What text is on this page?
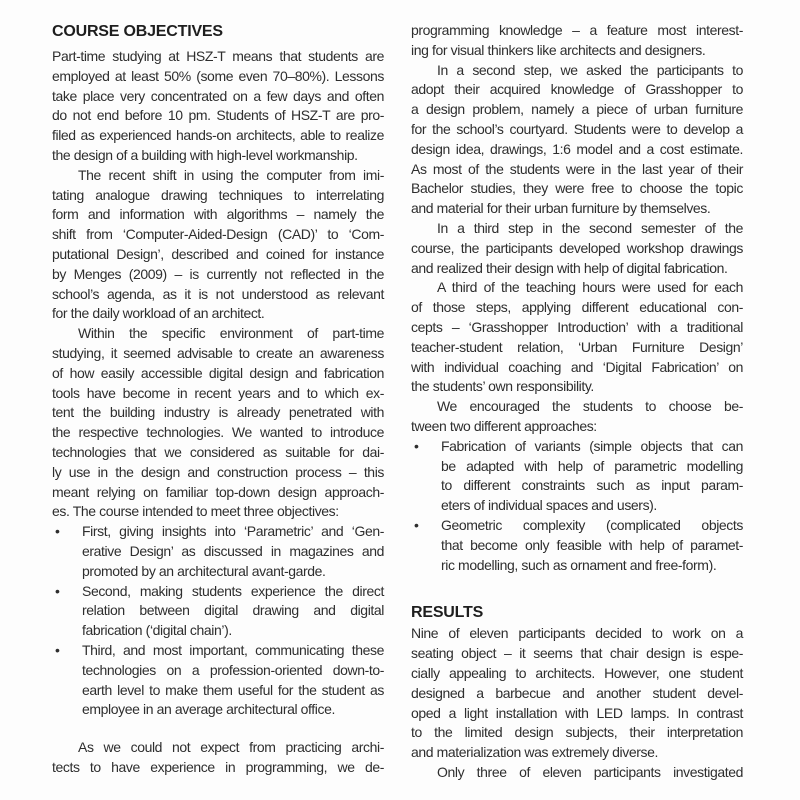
COURSE OBJECTIVES
Part-time studying at HSZ-T means that students are
employed at least 50% (some even 70–80%). Lessons
take place very concentrated on a few days and often
do not end before 10 pm. Students of HSZ-T are pro-
filed as experienced hands-on architects, able to realize
the design of a building with high-level workmanship.
The recent shift in using the computer from imi-
tating analogue drawing techniques to interrelating
form and information with algorithms – namely the
shift from ‘Computer-Aided-Design (CAD)’ to ‘Com-
putational Design’, described and coined for instance
by Menges (2009) – is currently not reflected in the
school’s agenda, as it is not understood as relevant
for the daily workload of an architect.
Within the specific environment of part-time
studying, it seemed advisable to create an awareness
of how easily accessible digital design and fabrication
tools have become in recent years and to which ex-
tent the building industry is already penetrated with
the respective technologies. We wanted to introduce
technologies that we considered as suitable for dai-
ly use in the design and construction process – this
meant relying on familiar top-down design approach-
es. The course intended to meet three objectives:
• First, giving insights into ‘Parametric’ and ‘Gen-
erative Design’ as discussed in magazines and
promoted by an architectural avant-garde.
• Second, making students experience the direct
relation between digital drawing and digital
fabrication (‘digital chain’).
• Third, and most important, communicating these
technologies on a profession-oriented down-to-
earth level to make them useful for the student as
employee in an average architectural office.
As we could not expect from practicing archi-
tects to have experience in programming, we de-
programming knowledge – a feature most interest-
ing for visual thinkers like architects and designers.
In a second step, we asked the participants to
adopt their acquired knowledge of Grasshopper to
a design problem, namely a piece of urban furniture
for the school’s courtyard. Students were to develop a
design idea, drawings, 1:6 model and a cost estimate.
As most of the students were in the last year of their
Bachelor studies, they were free to choose the topic
and material for their urban furniture by themselves.
In a third step in the second semester of the
course, the participants developed workshop drawings
and realized their design with help of digital fabrication.
A third of the teaching hours were used for each
of those steps, applying different educational con-
cepts – ‘Grasshopper Introduction’ with a traditional
teacher-student relation, ‘Urban Furniture Design’
with individual coaching and ‘Digital Fabrication’ on
the students’ own responsibility.
We encouraged the students to choose be-
tween two different approaches:
• Fabrication of variants (simple objects that can
be adapted with help of parametric modelling
to different constraints such as input param-
eters of individual spaces and users).
• Geometric complexity (complicated objects
that become only feasible with help of paramet-
ric modelling, such as ornament and free-form).
RESULTS
Nine of eleven participants decided to work on a
seating object – it seems that chair design is espe-
cially appealing to architects. However, one student
designed a barbecue and another student devel-
oped a light installation with LED lamps. In contrast
to the limited design subjects, their interpretation
and materialization was extremely diverse.
Only three of eleven participants investigated
